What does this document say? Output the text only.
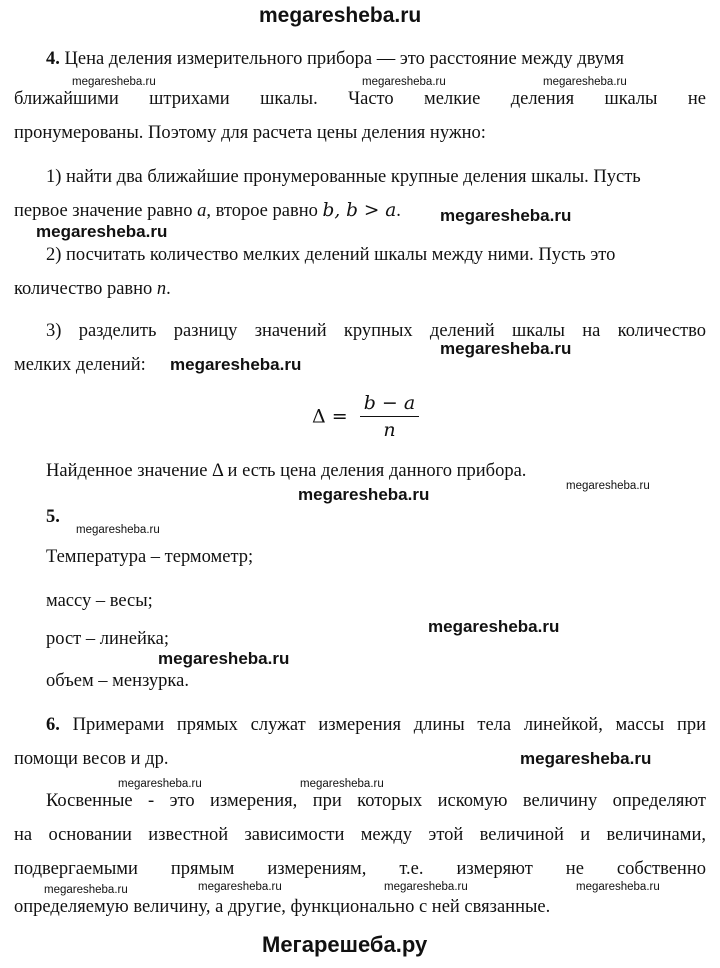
megaresheba.ru
4. Цена деления измерительного прибора — это расстояние между двумя
megaresheba.ru	megaresheba.ru	megaresheba.ru
ближайшими штрихами шкалы. Часто мелкие деления шкалы не
пронумерованы. Поэтому для расчета цены деления нужно:
1) найти два ближайшие пронумерованные крупные деления шкалы. Пусть
первое значение равно a, второе равно b, b > a. megaresheba.ru
megaresheba.ru
2) посчитать количество мелких делений шкалы между ними. Пусть это
количество равно n.
3) разделить разницу значений крупных делений шкалы на количество
megaresheba.ru
мелких делений: megaresheba.ru
$\Delta = \frac{b - a}{n}$
Найденное значение Δ и есть цена деления данного прибора.
megaresheba.ru
megaresheba.ru
5.
megaresheba.ru
Температура – термометр;
массу – весы;
megaresheba.ru
рост – линейка;
megaresheba.ru
объем – мензурка.
6. Примерами прямых служат измерения длины тела линейкой, массы при
помощи весов и др.	megaresheba.ru
megaresheba.ru	megaresheba.ru
Косвенные - это измерения, при которых искомую величину определяют
на основании известной зависимости между этой величиной и величинами,
подвергаемыми прямым измерениям, т.е. измеряют не собственно
megaresheba.ru	megaresheba.ru	megaresheba.ru	megaresheba.ru
определяемую величину, а другие, функционально с ней связанные.
Мегарешеба.ру
